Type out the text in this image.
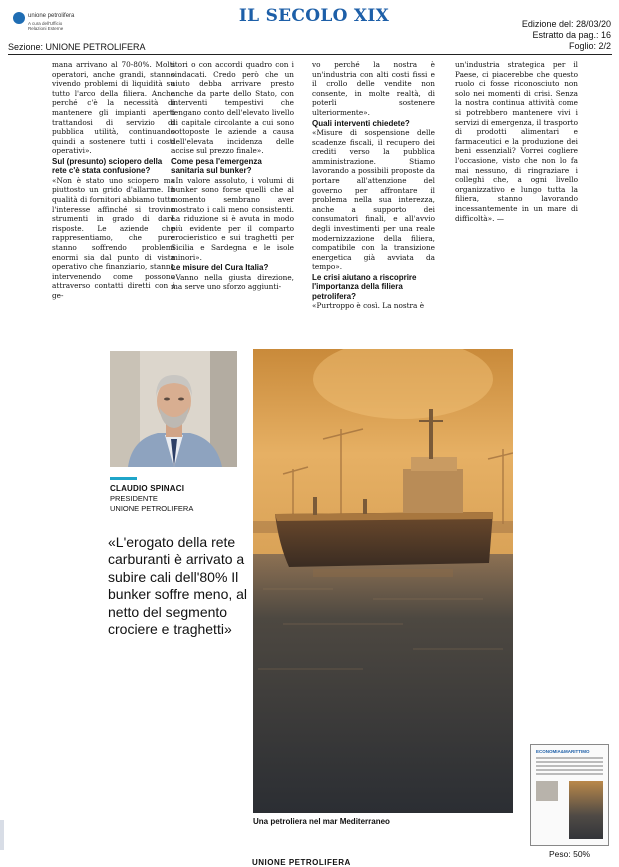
unione petrolifera
A cura dell'Ufficio Relazioni Esterne
IL SECOLO XIX	Edizione del: 28/03/20
Estratto da pag.: 16
Foglio: 2/2
Sezione: UNIONE PETROLIFERA

mana arrivano al 70-80%. Molti operatori, anche grandi, stanno vivendo problemi di liquidità su tutto l'arco della filiera. Anche perché c'è la necessità di mantenere gli impianti aperti trattandosi di servizio di pubblica utilità, continuando quindi a sostenere tutti i costi operativi».

Sul (presunto) sciopero della rete c'è stata confusione?

«Non è stato uno sciopero ma piuttosto un grido d'allarme. In qualità di fornitori abbiamo tutto l'interesse affinché si trovino strumenti in grado di dare risposte. Le aziende che rappresentiamo, che pure stanno soffrendo problemi enormi sia dal punto di vista operativo che finanziario, stanno intervenendo come possono attraverso contatti diretti con i ge-

stori o con accordi quadro con i sindacati. Credo però che un aiuto debba arrivare presto anche da parte dello Stato, con interventi tempestivi che tengano conto dell'elevato livello di capitale circolante a cui sono sottoposte le aziende a causa dell'elevata incidenza delle accise sul prezzo finale».

Come pesa l'emergenza sanitaria sul bunker?

«In valore assoluto, i volumi di bunker sono forse quelli che al momento sembrano aver mostrato i cali meno consistenti. La riduzione si è avuta in modo più evidente per il comparto crocieristico e sui traghetti per Sicilia e Sardegna e le isole minori».

Le misure del Cura Italia?

«Vanno nella giusta direzione, ma serve uno sforzo aggiunti-

vo perché la nostra è un'industria con alti costi fissi e il crollo delle vendite non consente, in molte realtà, di poterli sostenere ulteriormente».

Quali interventi chiedete?

«Misure di sospensione delle scadenze fiscali, il recupero dei crediti verso la pubblica amministrazione. Stiamo lavorando a possibili proposte da portare all'attenzione del governo per affrontare il problema nella sua interezza, anche a supporto dei consumatori finali, e all'avvio degli investimenti per una reale modernizzazione della filiera, compatibile con la transizione energetica già avviata da tempo».

Le crisi aiutano a riscoprire l'importanza della filiera petrolifera?

«Purtroppo è così. La nostra è

un'industria strategica per il Paese, ci piacerebbe che questo ruolo ci fosse riconosciuto non solo nei momenti di crisi. Senza la nostra continua attività come si potrebbero mantenere vivi i servizi di emergenza, il trasporto di prodotti alimentari e farmaceutici e la produzione dei beni essenziali? Vorrei cogliere l'occasione, visto che non lo fa mai nessuno, di ringraziare i colleghi che, a ogni livello organizzativo e lungo tutta la filiera, stanno lavorando incessantemente in un mare di difficoltà». —

CLAUDIO SPINACI
PRESIDENTE
UNIONE PETROLIFERA
«L'erogato della rete carburanti è arrivato a subire cali dell'80% Il bunker soffre meno, al netto del segmento crociere e traghetti»
Una petroliera nel mar Mediterraneo
ECONOMIA&MARITTIMO
Peso: 50%
UNIONE PETROLIFERA
